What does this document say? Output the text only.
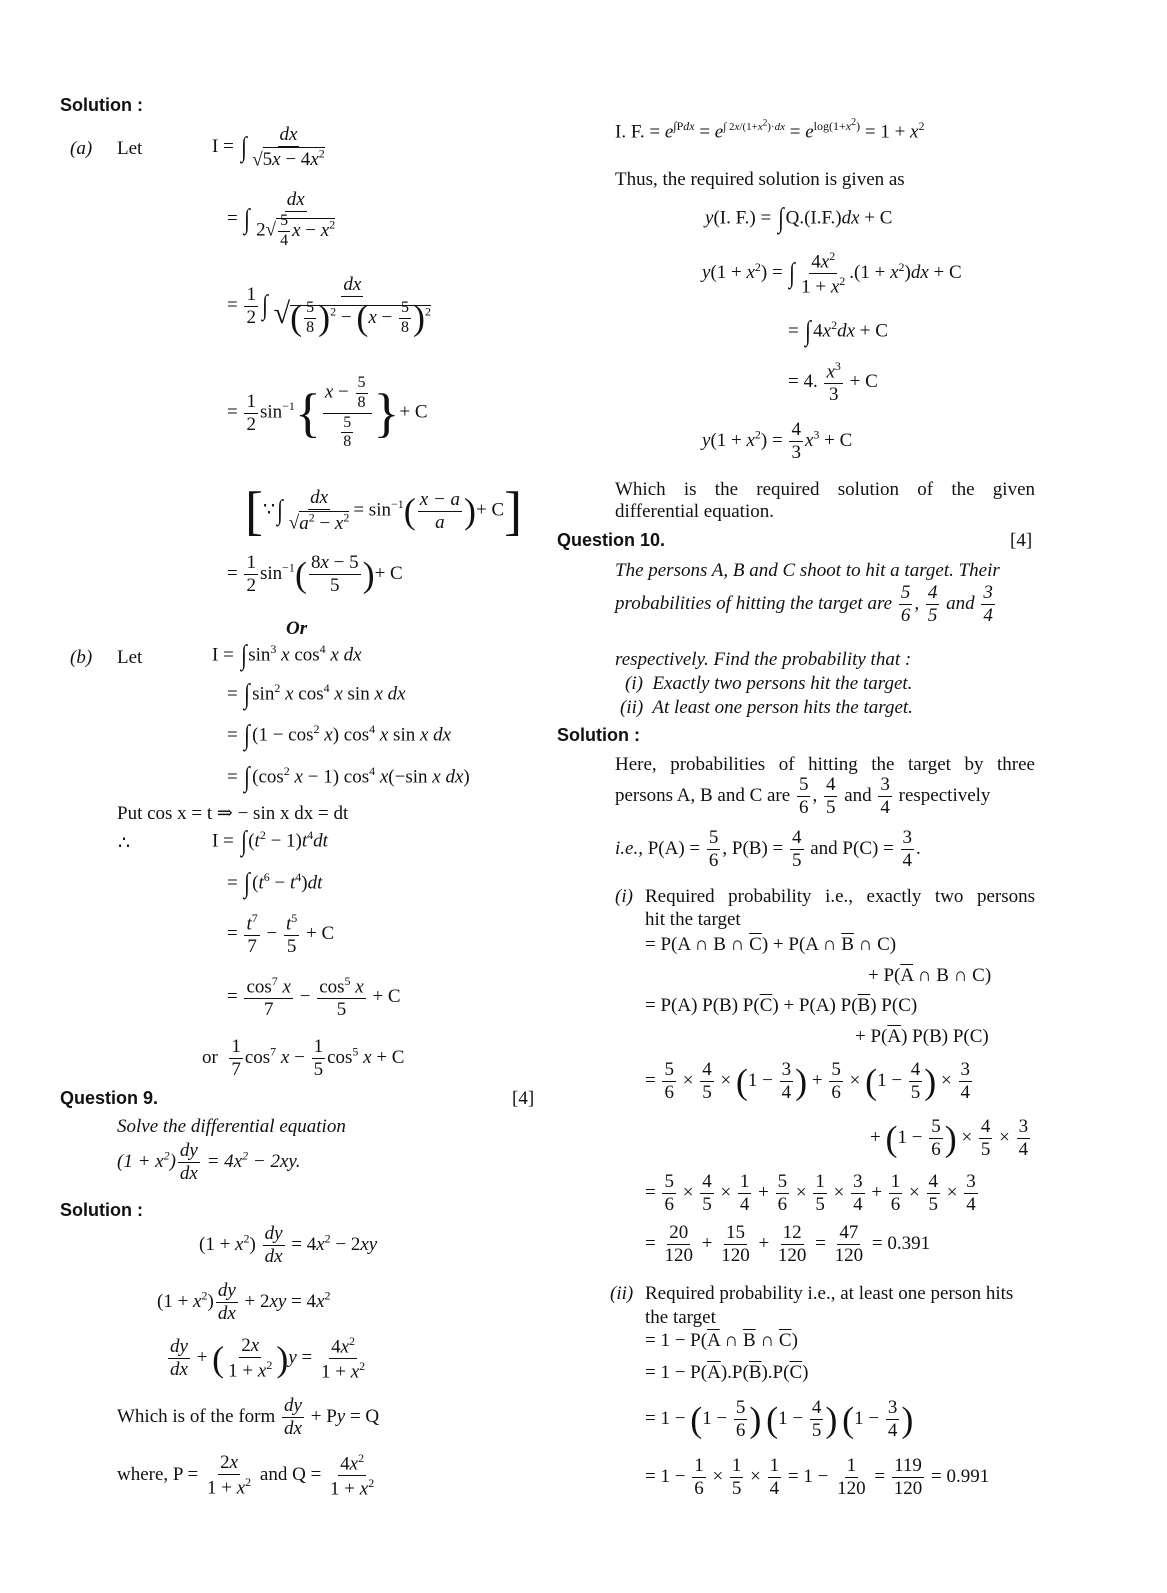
Solution :
(a) Let	I = ∫ $\frac{dx}{√5x - 4x^2}$
= ∫ $\frac{dx}{2√ \frac{5}{4} x - x^2}$
= $\frac{1}{2}$ ∫ $\frac{dx}{√( \frac{5}{8} )^2 - (x - \frac{5}{8} )^2}$
= $\frac{1}{2} \sin^{-1}\{ \frac{x - \frac{5}{8}}{\frac{5}{8}}$ }+ C
[∵∫ $\frac{dx}{√a^2 - x^2} = \sin^{-1}( \frac{x - a}{a}$ )+ C]
= $\frac{1}{2} \sin^{-1}( \frac{8x - 5}{5}$ )+ C
Or
(b) Let	I = ∫ $\sin^3 x$ $\cos^4 x$ dx
= ∫ $\sin^2 x$ $\cos^4 x$ sin x dx
= ∫ $(1 - \cos^2 x)$ $\cos^4 x$ sin x dx
= ∫ ($\cos^2$ x − 1) $\cos^4 x(-\sin$ x dx)
Put cos x = t ⇒ − sin x dx = dt
∴	I = ∫ $(t^2 - 1)t^4dt$
= ∫ $(t^6 - t^4)dt$
= $\frac{t^7}{7} - \frac{t^5}{5} + C$
= $\frac{\cos^7 x}{7} - \frac{\cos^5 x}{5} + C$
or $\frac{1}{7} \cos^7 x - \frac{1}{5} \cos^5 x + C$
Question 9.	[4]
Solve the differential equation
$(1 + x^2) \frac{dy}{dx} = 4x^2 - 2xy$.
Solution :
$(1 + x^2) \frac{dy}{dx} = 4x^2 - 2xy$
$(1 + x^2) \frac{dy}{dx} + 2xy = 4x^2$
$\frac{dy}{dx}$ + ( $\frac{2x}{1 + x^2} )y = \frac{4x^2}{1 + x^2}$
Which is of the form $\frac{dy}{dx} + Py = Q$
where, $P = \frac{2x}{1 + x^2}$ and $Q = \frac{4x^2}{1 + x^2}$
I. F. = $e^{\int Pdx} = e^{\int 2x/(1+x^2)\cdot dx} = e^{log(1+x^2)} = 1 + x^2$
Thus, the required solution is given as
y(I. F.) = ∫ Q.(I.F.)dx + C
$y(1 + x^2)$ = ∫ $\frac{4x^2}{1 + x^2} .(1 + x^2)dx + C$
= ∫ $4x^2dx + C$
= 4. $\frac{x^3}{3} + C$
$y(1 + x^2) = \frac{4}{3} x^3 + C$
Which is the required solution of the given
differential equation.
Question 10.	[4]
The persons A, B and C shoot to hit a target. Their
probabilities of hitting the target are $\frac{5}{6}$ , $\frac{4}{5}$ and $\frac{3}{4}$
respectively. Find the probability that :
(i) Exactly two persons hit the target.
(ii) At least one person hits the target.
Solution :
Here, probabilities of hitting the target by three
persons A, B and C are $\frac{5}{6}$ , $\frac{4}{5}$ and $\frac{3}{4}$ respectively
i.e., $P(A) = \frac{5}{6}$ , $P(B) = \frac{4}{5}$ and $P(C) = \frac{3}{4}$ .
(i) Required probability i.e., exactly two persons
hit the target
= P(A ∩ B ∩ $\overline{C}) + P(A$ ∩ $\overline{B}$ ∩ C)
+ $P(\overline{A}$ ∩ B ∩ C)
= P(A) P(B) $P(\overline{C}) + P(A)$ $P(\overline{B})$ P(C)
+ $P(\overline{A})$ P(B) P(C)
= $\frac{5}{6} \times \frac{4}{5} \times (1 - \frac{3}{4}$ ) + $\frac{5}{6} \times (1 - \frac{4}{5}$ ) × $\frac{3}{4}$
+ ($1 - \frac{5}{6}$ ) × $\frac{4}{5} \times \frac{3}{4}$
= $\frac{5}{6} \times \frac{4}{5} \times \frac{1}{4} + \frac{5}{6} \times \frac{1}{5} \times \frac{3}{4} + \frac{1}{6} \times \frac{4}{5} \times \frac{3}{4}$
= $\frac{20}{120} + \frac{15}{120} + \frac{12}{120} = \frac{47}{120} = 0.391$
(ii) Required probability i.e., at least one person hits
the target
= $1 - P(\overline{A}$ ∩ $\overline{B}$ ∩ $\overline{C}$)
= $1 - P(\overline{A}).P(\overline{B}).P(\overline{C})$
= $1 - (1 - \frac{5}{6}$ ) ($1 - \frac{4}{5}$ ) ($1 - \frac{3}{4}$ )
= $1 - \frac{1}{6} \times \frac{1}{5} \times \frac{1}{4} = 1 - \frac{1}{120} = \frac{119}{120} = 0.991$
